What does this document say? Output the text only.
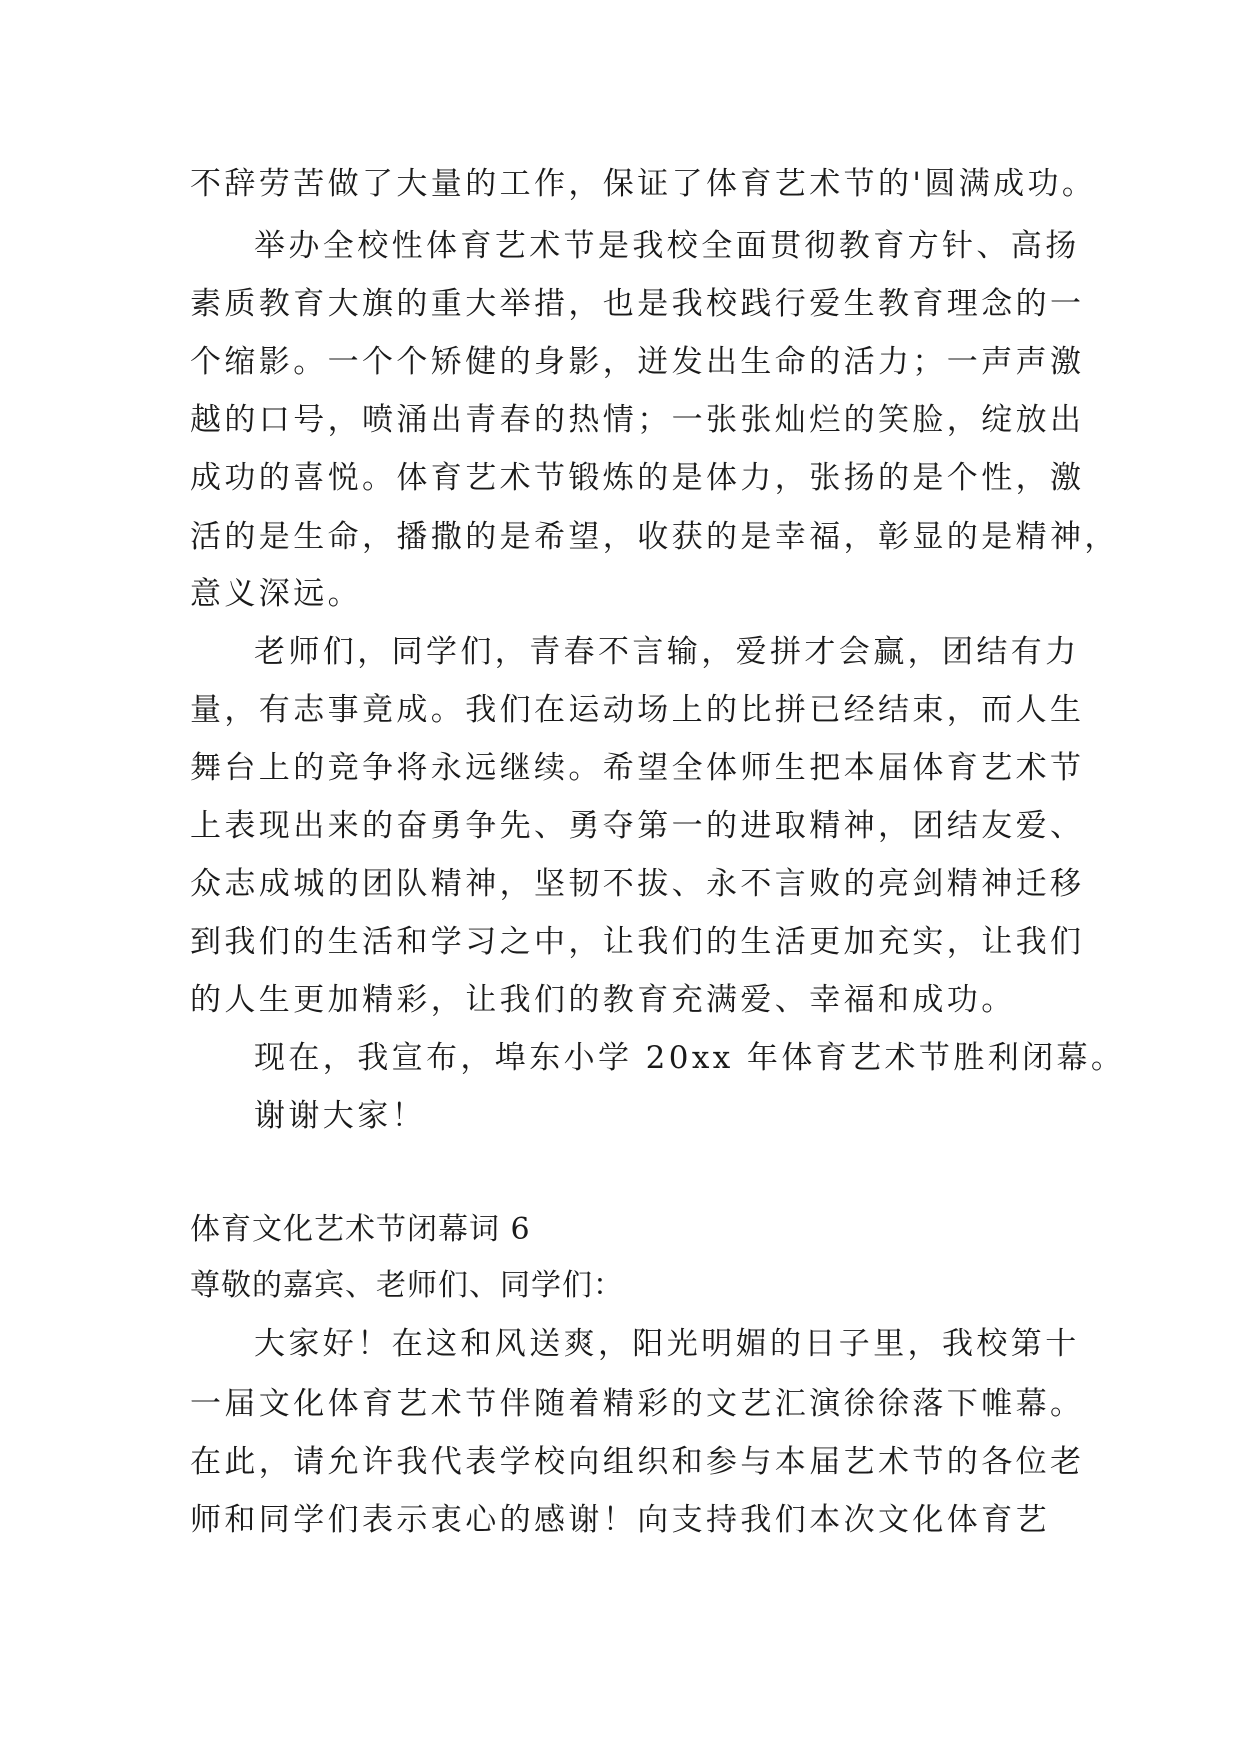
不辞劳苦做了大量的工作，保证了体育艺术节的'圆满成功。
举办全校性体育艺术节是我校全面贯彻教育方针、高扬
素质教育大旗的重大举措，也是我校践行爱生教育理念的一
个缩影。一个个矫健的身影，迸发出生命的活力；一声声激
越的口号，喷涌出青春的热情；一张张灿烂的笑脸，绽放出
成功的喜悦。体育艺术节锻炼的是体力，张扬的是个性，激
活的是生命，播撒的是希望，收获的是幸福，彰显的是精神，
意义深远。
老师们，同学们，青春不言输，爱拼才会赢，团结有力
量，有志事竟成。我们在运动场上的比拼已经结束，而人生
舞台上的竞争将永远继续。希望全体师生把本届体育艺术节
上表现出来的奋勇争先、勇夺第一的进取精神，团结友爱、
众志成城的团队精神，坚韧不拔、永不言败的亮剑精神迁移
到我们的生活和学习之中，让我们的生活更加充实，让我们
的人生更加精彩，让我们的教育充满爱、幸福和成功。
现在，我宣布，埠东小学 20xx 年体育艺术节胜利闭幕。
谢谢大家！
体育文化艺术节闭幕词 6
尊敬的嘉宾、老师们、同学们：
大家好！在这和风送爽，阳光明媚的日子里，我校第十
一届文化体育艺术节伴随着精彩的文艺汇演徐徐落下帷幕。
在此，请允许我代表学校向组织和参与本届艺术节的各位老
师和同学们表示衷心的感谢！向支持我们本次文化体育艺
